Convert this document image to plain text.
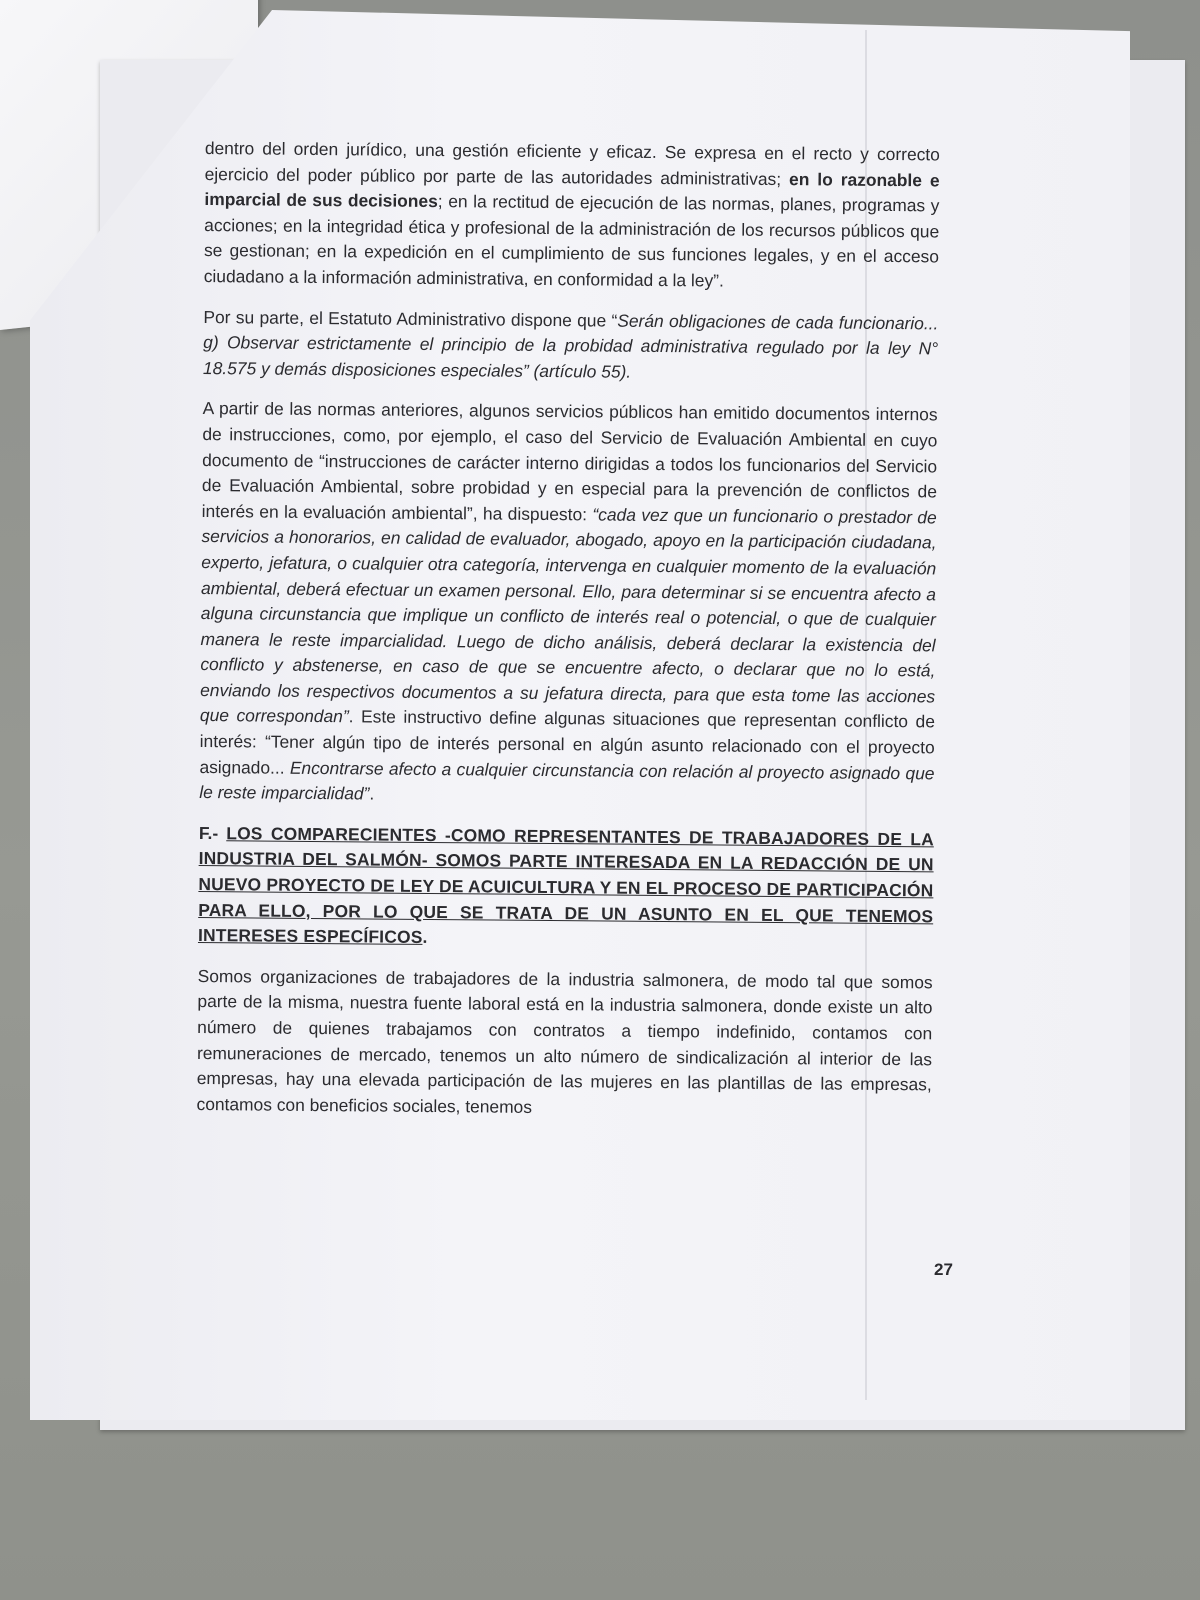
dentro del orden jurídico, una gestión eficiente y eficaz. Se expresa en el recto y correcto ejercicio del poder público por parte de las autoridades administrativas; en lo razonable e imparcial de sus decisiones; en la rectitud de ejecución de las normas, planes, programas y acciones; en la integridad ética y profesional de la administración de los recursos públicos que se gestionan; en la expedición en el cumplimiento de sus funciones legales, y en el acceso ciudadano a la información administrativa, en conformidad a la ley”.

Por su parte, el Estatuto Administrativo dispone que “Serán obligaciones de cada funcionario... g) Observar estrictamente el principio de la probidad administrativa regulado por la ley N° 18.575 y demás disposiciones especiales” (artículo 55).

A partir de las normas anteriores, algunos servicios públicos han emitido documentos internos de instrucciones, como, por ejemplo, el caso del Servicio de Evaluación Ambiental en cuyo documento de “instrucciones de carácter interno dirigidas a todos los funcionarios del Servicio de Evaluación Ambiental, sobre probidad y en especial para la prevención de conflictos de interés en la evaluación ambiental”, ha dispuesto: “cada vez que un funcionario o prestador de servicios a honorarios, en calidad de evaluador, abogado, apoyo en la participación ciudadana, experto, jefatura, o cualquier otra categoría, intervenga en cualquier momento de la evaluación ambiental, deberá efectuar un examen personal. Ello, para determinar si se encuentra afecto a alguna circunstancia que implique un conflicto de interés real o potencial, o que de cualquier manera le reste imparcialidad. Luego de dicho análisis, deberá declarar la existencia del conflicto y abstenerse, en caso de que se encuentre afecto, o declarar que no lo está, enviando los respectivos documentos a su jefatura directa, para que esta tome las acciones que correspondan”. Este instructivo define algunas situaciones que representan conflicto de interés: “Tener algún tipo de interés personal en algún asunto relacionado con el proyecto asignado... Encontrarse afecto a cualquier circunstancia con relación al proyecto asignado que le reste imparcialidad”.

F.- LOS COMPARECIENTES -COMO REPRESENTANTES DE TRABAJADORES DE LA INDUSTRIA DEL SALMÓN- SOMOS PARTE INTERESADA EN LA REDACCIÓN DE UN NUEVO PROYECTO DE LEY DE ACUICULTURA Y EN EL PROCESO DE PARTICIPACIÓN PARA ELLO, POR LO QUE SE TRATA DE UN ASUNTO EN EL QUE TENEMOS INTERESES ESPECÍFICOS.

Somos organizaciones de trabajadores de la industria salmonera, de modo tal que somos parte de la misma, nuestra fuente laboral está en la industria salmonera, donde existe un alto número de quienes trabajamos con contratos a tiempo indefinido, contamos con remuneraciones de mercado, tenemos un alto número de sindicalización al interior de las empresas, hay una elevada participación de las mujeres en las plantillas de las empresas, contamos con beneficios sociales, tenemos

27
